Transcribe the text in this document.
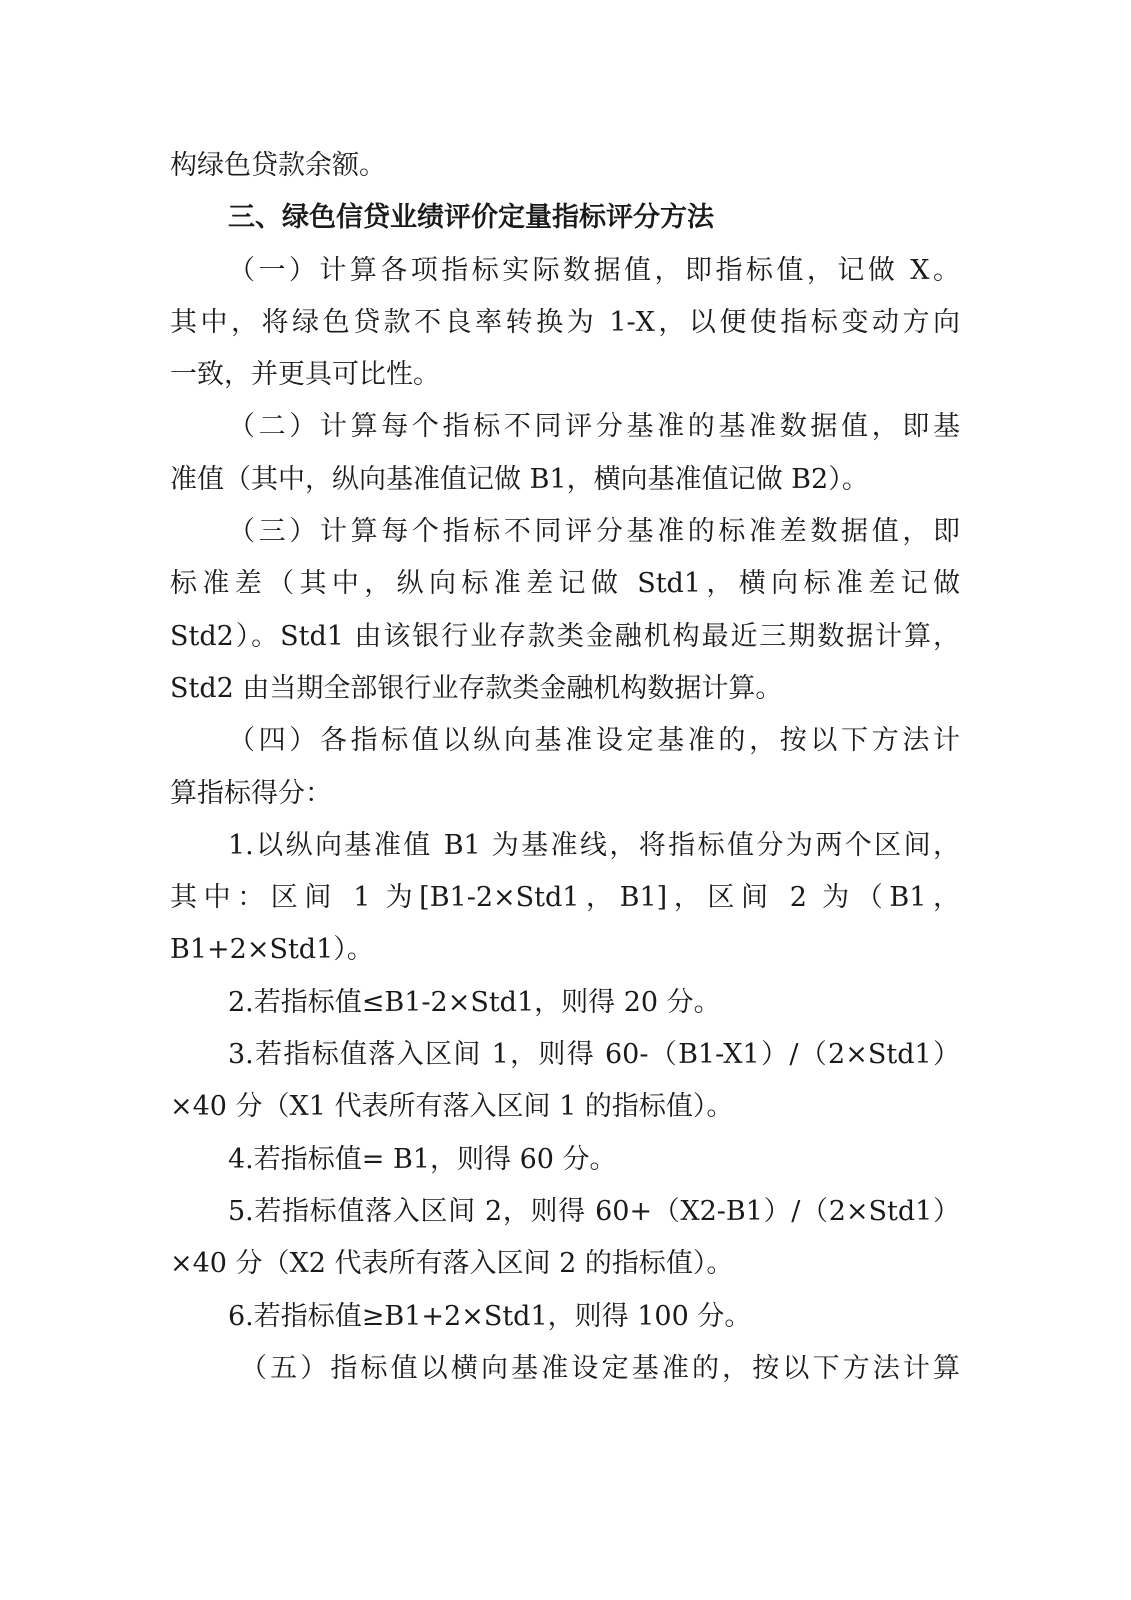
构绿色贷款余额。
三、绿色信贷业绩评价定量指标评分方法
（一）计算各项指标实际数据值，即指标值，记做 X。
其中，将绿色贷款不良率转换为 1-X，以便使指标变动方向
一致，并更具可比性。
（二）计算每个指标不同评分基准的基准数据值，即基
准值（其中，纵向基准值记做 B1，横向基准值记做 B2）。
（三）计算每个指标不同评分基准的标准差数据值，即
标准差（其中，纵向标准差记做 Std1，横向标准差记做
Std2）。Std1 由该银行业存款类金融机构最近三期数据计算，
Std2 由当期全部银行业存款类金融机构数据计算。
（四）各指标值以纵向基准设定基准的，按以下方法计
算指标得分：
1.以纵向基准值 B1 为基准线，将指标值分为两个区间，
其中：区间 1 为[B1-2×Std1，B1]，区间 2 为（B1，
B1+2×Std1）。
2.若指标值≤B1-2×Std1，则得 20 分。
3.若指标值落入区间 1，则得 60-（B1-X1）/（2×Std1）
×40 分（X1 代表所有落入区间 1 的指标值）。
4.若指标值= B1，则得 60 分。
5.若指标值落入区间 2，则得 60+（X2-B1）/（2×Std1）
×40 分（X2 代表所有落入区间 2 的指标值）。
6.若指标值≥B1+2×Std1，则得 100 分。
（五）指标值以横向基准设定基准的，按以下方法计算
